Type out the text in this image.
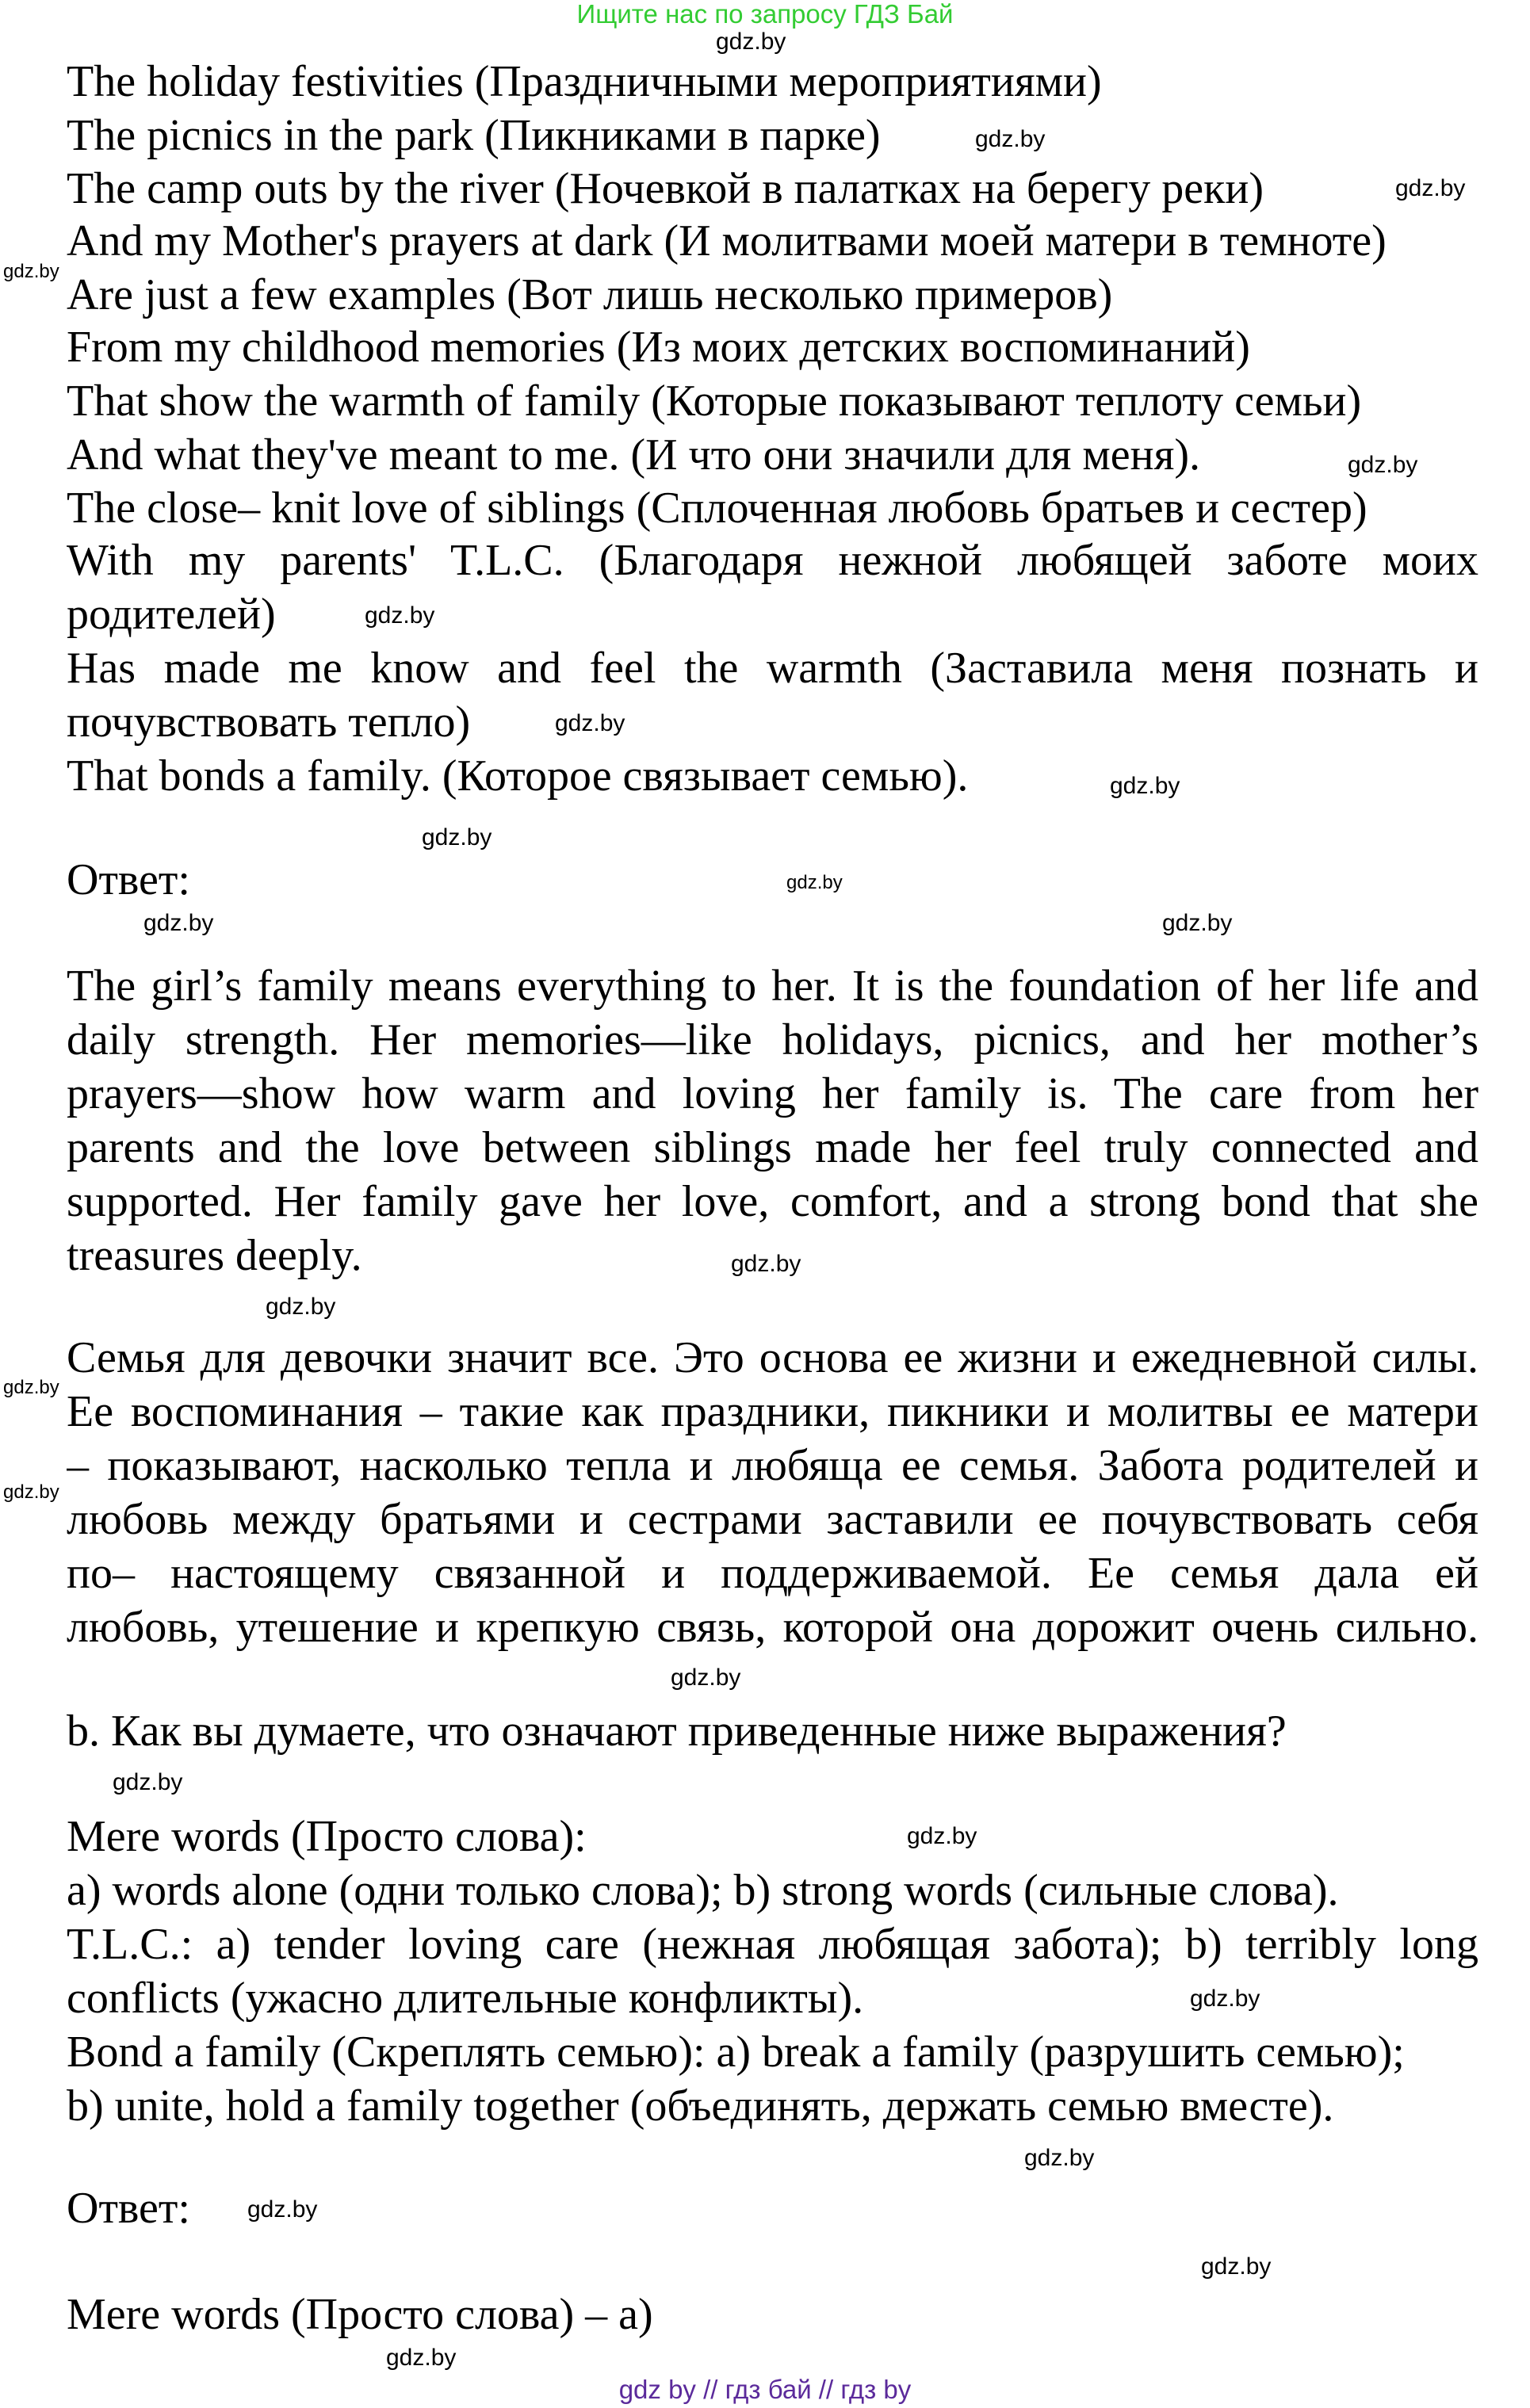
Ищите нас по запросу ГДЗ Бай
The holiday festivities (Праздничными мероприятиями)
The picnics in the park (Пикниками в парке)
The camp outs by the river (Ночевкой в палатках на берегу реки)
And my Mother's prayers at dark (И молитвами моей матери в темноте)
Are just a few examples (Вот лишь несколько примеров)
From my childhood memories (Из моих детских воспоминаний)
That show the warmth of family (Которые показывают теплоту семьи)
And what they've meant to me. (И что они значили для меня).
The close– knit love of siblings (Сплоченная любовь братьев и сестер)
With my parents' T.L.C. (Благодаря нежной любящей заботе моих
родителей)
Has made me know and feel the warmth (Заставила меня познать и
почувствовать тепло)
That bonds a family. (Которое связывает семью).
Ответ:
The girl’s family means everything to her. It is the foundation of her life and
daily strength. Her memories—like holidays, picnics, and her mother’s
prayers—show how warm and loving her family is. The care from her
parents and the love between siblings made her feel truly connected and
supported. Her family gave her love, comfort, and a strong bond that she
treasures deeply.
Семья для девочки значит все. Это основа ее жизни и ежедневной силы.
Ее воспоминания – такие как праздники, пикники и молитвы ее матери
– показывают, насколько тепла и любяща ее семья. Забота родителей и
любовь между братьями и сестрами заставили ее почувствовать себя
по– настоящему связанной и поддерживаемой. Ее семья дала ей
любовь, утешение и крепкую связь, которой она дорожит очень сильно.
b. Как вы думаете, что означают приведенные ниже выражения?
Mere words (Просто слова):
a) words alone (одни только слова); b) strong words (сильные слова).
T.L.C.: a) tender loving care (нежная любящая забота); b) terribly long
conflicts (ужасно длительные конфликты).
Bond a family (Скреплять семью): a) break a family (разрушить семью);
b) unite, hold a family together (объединять, держать семью вместе).
Ответ:
Mere words (Просто слова) – a)
gdz.by
gdz.by
gdz.by
gdz.by
gdz.by
gdz.by
gdz.by
gdz.by
gdz.by
gdz.by
gdz.by	gdz.by
gdz.by
gdz.by
gdz.by
gdz.by
gdz.by
gdz.by
gdz.by
gdz.by
gdz.by
gdz.by
gdz.by
gdz.by
gdz by // гдз бай // гдз by
